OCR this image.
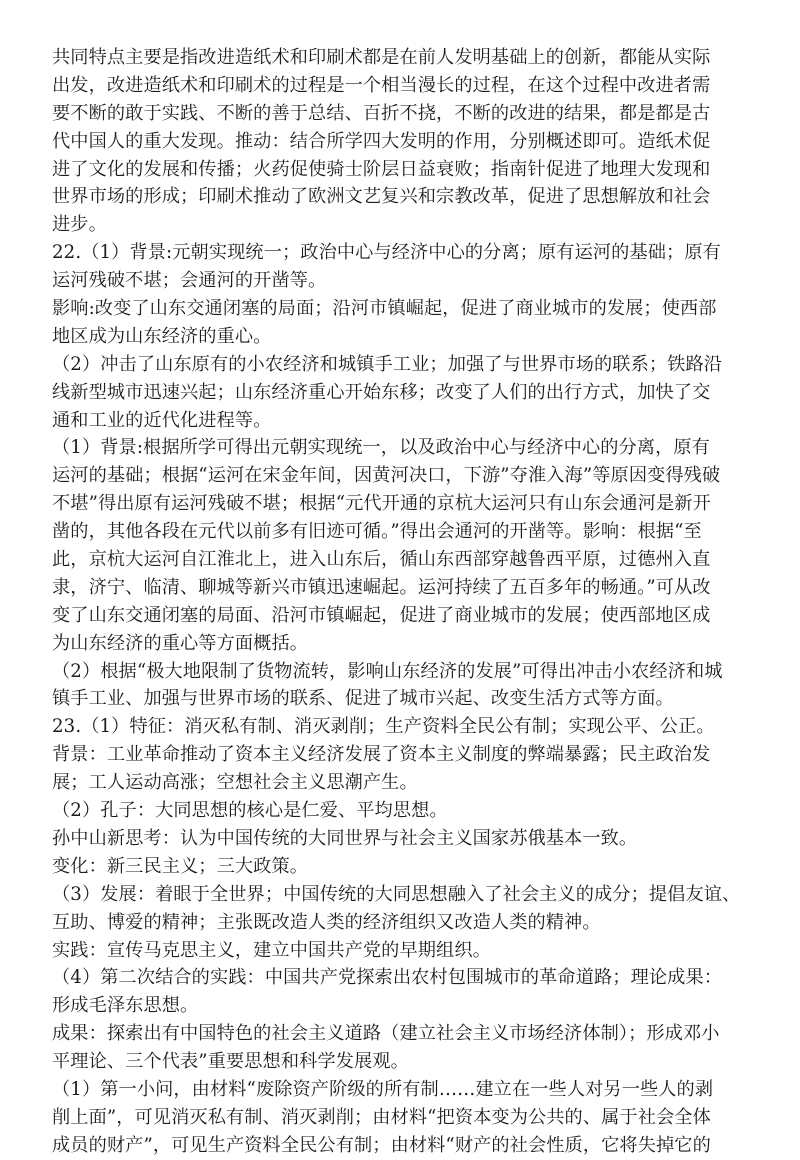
共同特点主要是指改进造纸术和印刷术都是在前人发明基础上的创新，都能从实际
出发，改进造纸术和印刷术的过程是一个相当漫长的过程，在这个过程中改进者需
要不断的敢于实践、不断的善于总结、百折不挠，不断的改进的结果，都是都是古
代中国人的重大发现。推动：结合所学四大发明的作用，分别概述即可。造纸术促
进了文化的发展和传播；火药促使骑士阶层日益衰败；指南针促进了地理大发现和
世界市场的形成；印刷术推动了欧洲文艺复兴和宗教改革，促进了思想解放和社会
进步。
22.（1）背景:元朝实现统一；政治中心与经济中心的分离；原有运河的基础；原有
运河残破不堪；会通河的开凿等。
影响:改变了山东交通闭塞的局面；沿河市镇崛起，促进了商业城市的发展；使西部
地区成为山东经济的重心。
（2）冲击了山东原有的小农经济和城镇手工业；加强了与世界市场的联系；铁路沿
线新型城市迅速兴起；山东经济重心开始东移；改变了人们的出行方式，加快了交
通和工业的近代化进程等。
（1）背景:根据所学可得出元朝实现统一，以及政治中心与经济中心的分离，原有
运河的基础；根据“运河在宋金年间，因黄河决口，下游”夺淮入海”等原因变得残破
不堪”得出原有运河残破不堪；根据“元代开通的京杭大运河只有山东会通河是新开
凿的，其他各段在元代以前多有旧迹可循。”得出会通河的开凿等。影响：根据“至
此，京杭大运河自江淮北上，进入山东后，循山东西部穿越鲁西平原，过德州入直
隶，济宁、临清、聊城等新兴市镇迅速崛起。运河持续了五百多年的畅通。”可从改
变了山东交通闭塞的局面、沿河市镇崛起，促进了商业城市的发展；使西部地区成
为山东经济的重心等方面概括。
（2）根据“极大地限制了货物流转，影响山东经济的发展”可得出冲击小农经济和城
镇手工业、加强与世界市场的联系、促进了城市兴起、改变生活方式等方面。
23.（1）特征：消灭私有制、消灭剥削；生产资料全民公有制；实现公平、公正。
背景：工业革命推动了资本主义经济发展了资本主义制度的弊端暴露；民主政治发
展；工人运动高涨；空想社会主义思潮产生。
（2）孔子：大同思想的核心是仁爱、平均思想。
孙中山新思考：认为中国传统的大同世界与社会主义国家苏俄基本一致。
变化：新三民主义；三大政策。
（3）发展：着眼于全世界；中国传统的大同思想融入了社会主义的成分；提倡友谊、
互助、博爱的精神；主张既改造人类的经济组织又改造人类的精神。
实践：宣传马克思主义，建立中国共产党的早期组织。
（4）第二次结合的实践：中国共产党探索出农村包围城市的革命道路；理论成果：
形成毛泽东思想。
成果：探索出有中国特色的社会主义道路（建立社会主义市场经济体制）；形成邓小
平理论、三个代表”重要思想和科学发展观。
（1）第一小问，由材料“废除资产阶级的所有制……建立在一些人对另一些人的剥
削上面”，可见消灭私有制、消灭剥削；由材料“把资本变为公共的、属于社会全体
成员的财产”，可见生产资料全民公有制；由材料“财产的社会性质，它将失掉它的
